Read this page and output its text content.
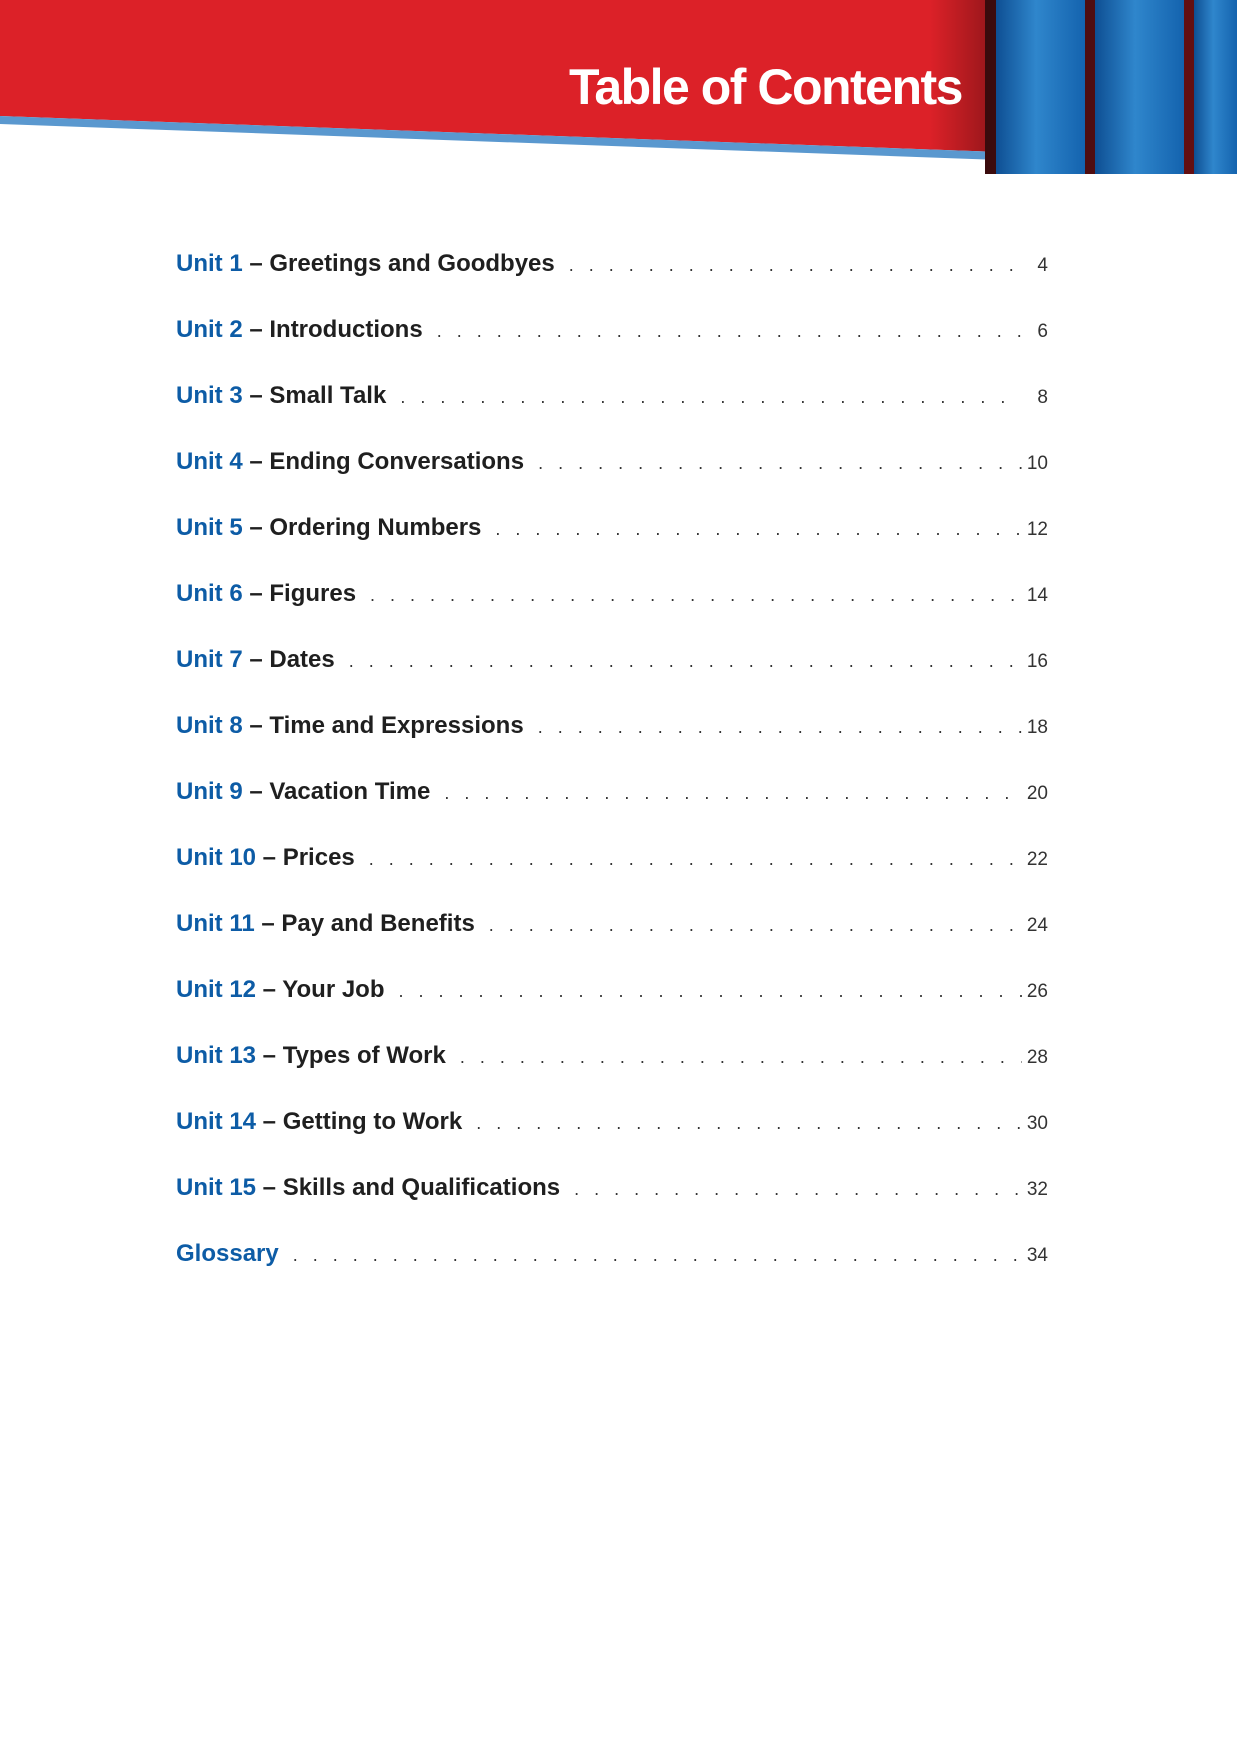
Table of Contents
Unit 1 – Greetings and Goodbyes . . .	4
Unit 2 – Introductions . . .	6
Unit 3 – Small Talk . . .	8
Unit 4 – Ending Conversations . . .	10
Unit 5 – Ordering Numbers . . .	12
Unit 6 – Figures . . .	14
Unit 7 – Dates . . .	16
Unit 8 – Time and Expressions . . .	18
Unit 9 – Vacation Time . . .	20
Unit 10 – Prices . . .	22
Unit 11 – Pay and Benefits . . .	24
Unit 12 – Your Job . . .	26
Unit 13 – Types of Work . . .	28
Unit 14 – Getting to Work . . .	30
Unit 15 – Skills and Qualifications . . .	32
Glossary . . .	34
